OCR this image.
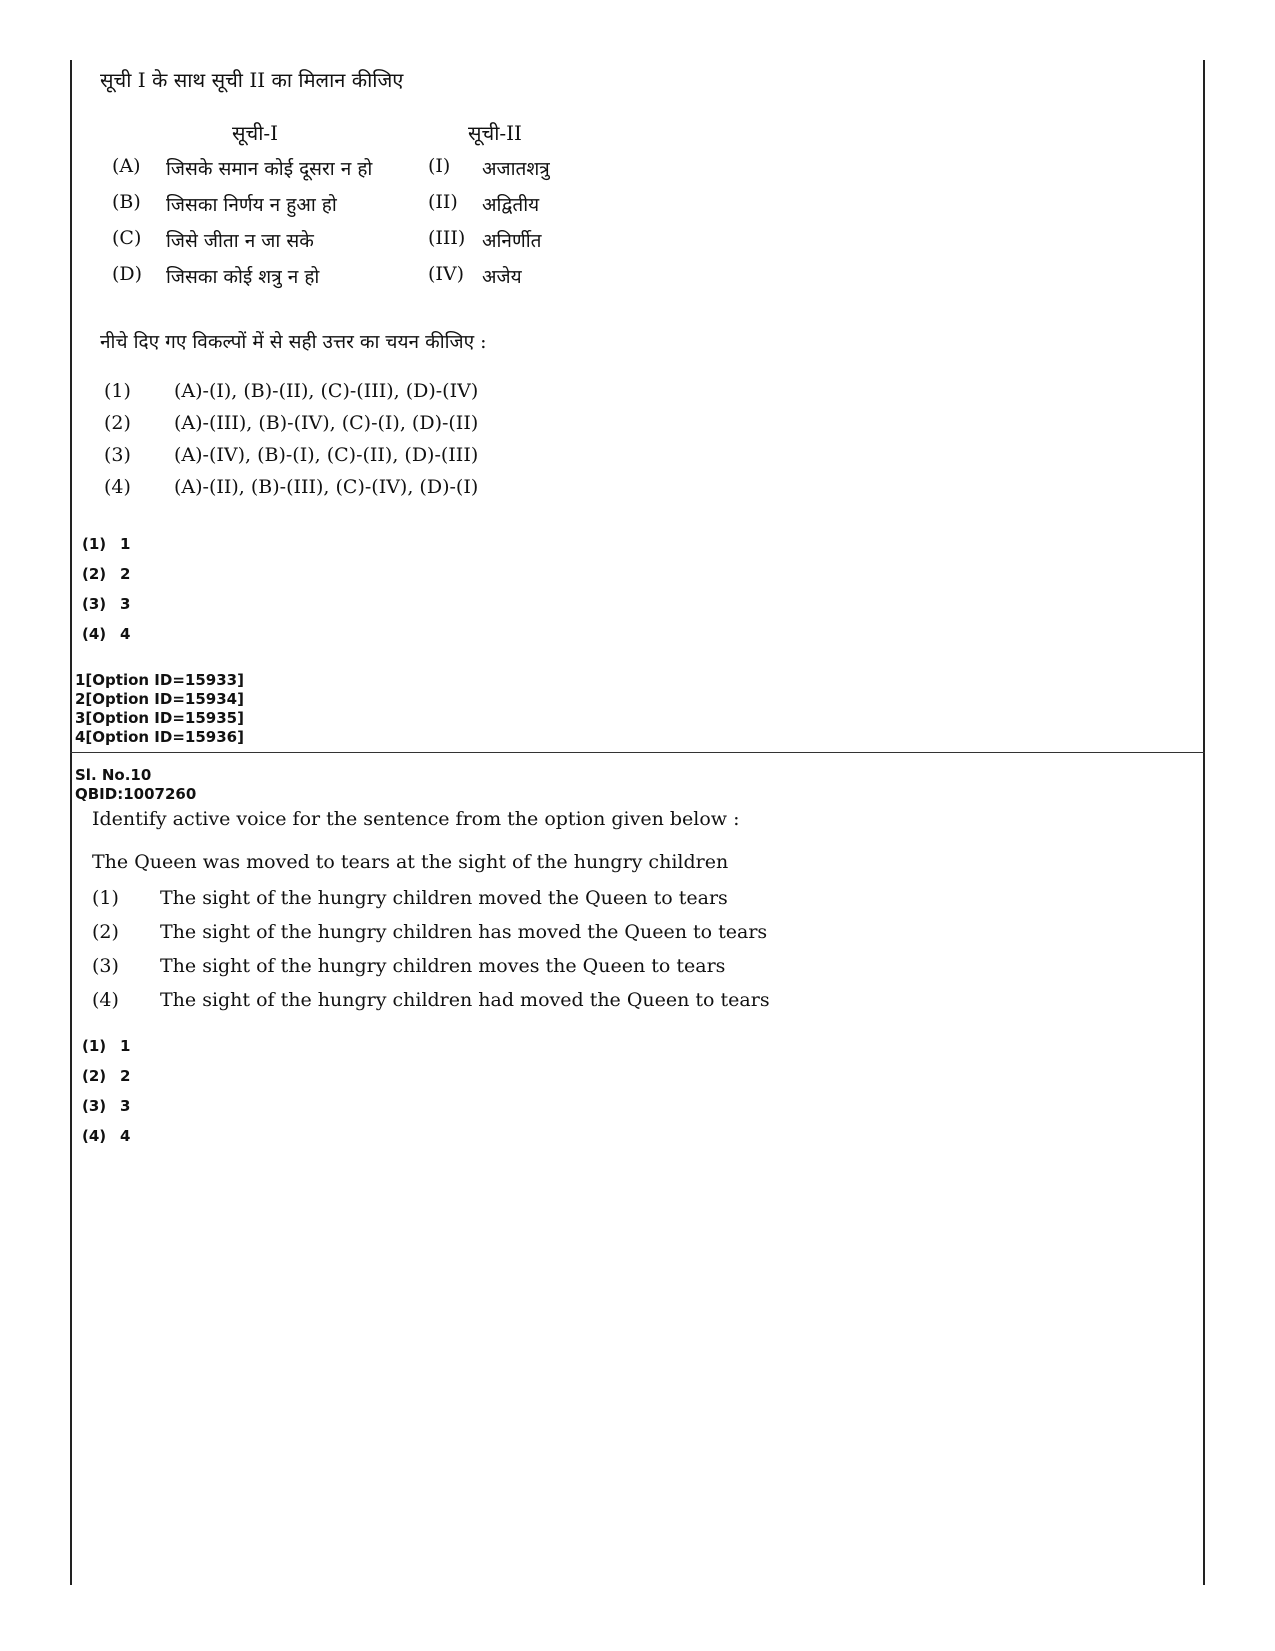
सूची I के साथ सूची II का मिलान कीजिए
सूची-I	सूची-II
(A) जिसके समान कोई दूसरा न हो	(I) अजातशत्रु
(B) जिसका निर्णय न हुआ हो	(II) अद्वितीय
(C) जिसे जीता न जा सके	(III) अनिर्णीत
(D) जिसका कोई शत्रु न हो	(IV) अजेय
नीचे दिए गए विकल्पों में से सही उत्तर का चयन कीजिए :
(1) (A)-(I), (B)-(II), (C)-(III), (D)-(IV)
(2) (A)-(III), (B)-(IV), (C)-(I), (D)-(II)
(3) (A)-(IV), (B)-(I), (C)-(II), (D)-(III)
(4) (A)-(II), (B)-(III), (C)-(IV), (D)-(I)
(1) 1
(2) 2
(3) 3
(4) 4
1[Option ID=15933]
2[Option ID=15934]
3[Option ID=15935]
4[Option ID=15936]
Sl. No.10
QBID:1007260
Identify active voice for the sentence from the option given below :
The Queen was moved to tears at the sight of the hungry children
(1) The sight of the hungry children moved the Queen to tears
(2) The sight of the hungry children has moved the Queen to tears
(3) The sight of the hungry children moves the Queen to tears
(4) The sight of the hungry children had moved the Queen to tears
(1) 1
(2) 2
(3) 3
(4) 4
